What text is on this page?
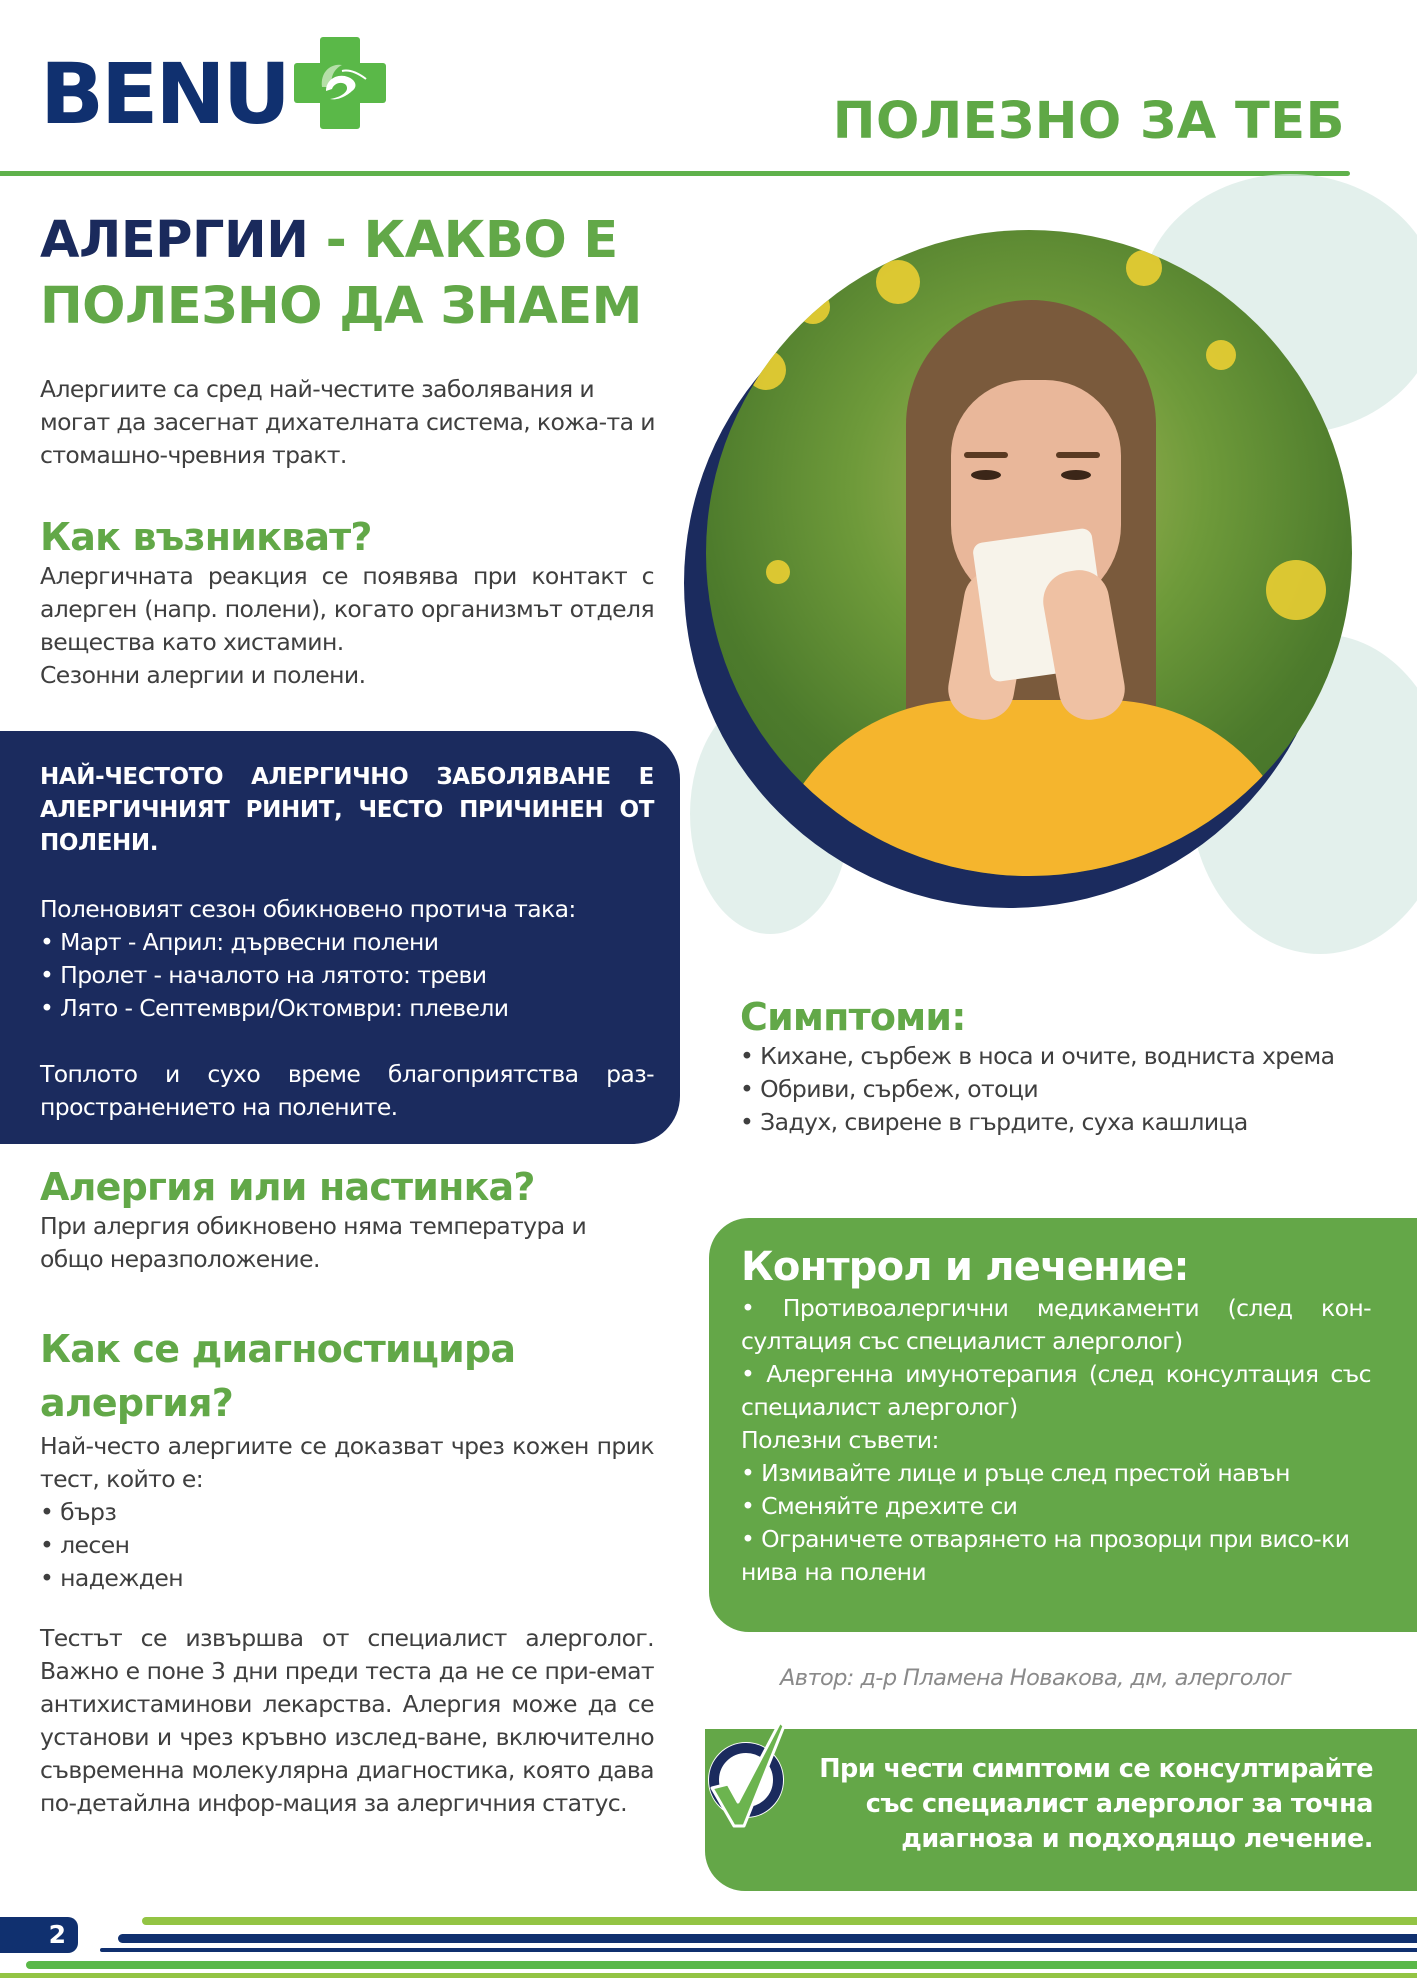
BENU	ПОЛЕЗНО ЗА ТЕБ
АЛЕРГИИ - КАКВО Е
ПОЛЕЗНО ДА ЗНАЕМ

Алергиите са сред най-честите заболявания и могат да засегнат дихателната система, кожа-та и стомашно-чревния тракт.

Как възникват?

Алергичната реакция се появява при контакт с алерген (напр. полени), когато организмът отделя вещества като хистамин.

Сезонни алергии и полени.

НАЙ-ЧЕСТОТО АЛЕРГИЧНО ЗАБОЛЯВАНЕ Е АЛЕРГИЧНИЯТ РИНИТ, ЧЕСТО ПРИЧИНЕН ОТ ПОЛЕНИ.

Поленовият сезон обикновено протича така:

• Март - Април: дървесни полени

• Пролет - началото на лятото: треви

• Лято - Септември/Октомври: плевели

Топлото и сухо време благоприятства раз-пространението на полените.

Алергия или настинка?

При алергия обикновено няма температура и общо неразположение.

Как се диагностицира
алергия?

Най-често алергиите се доказват чрез кожен прик тест, който е:

• бърз

• лесен

• надежден

Тестът се извършва от специалист алерголог. Важно е поне 3 дни преди теста да не се при-емат антихистаминови лекарства. Алергия може да се установи и чрез кръвно изслед-ване, включително съвременна молекулярна диагностика, която дава по-детайлна инфор-мация за алергичния статус.

Симптоми:

• Кихане, сърбеж в носа и очите, водниста хрема

• Обриви, сърбеж, отоци

• Задух, свирене в гърдите, суха кашлица

Контрол и лечение:

• Противоалергични медикаменти (след кон-султация със специалист алерголог)

• Алергенна имунотерапия (след консултация със специалист алерголог)

Полезни съвети:

• Измивайте лице и ръце след престой навън

• Сменяйте дрехите си

• Ограничете отварянето на прозорци при висо-ки нива на полени

Автор: д-р Пламена Новакова, дм, алерголог
При чести симптоми се консултирайте
със специалист алерголог за точна
диагноза и подходящо лечение.
2
